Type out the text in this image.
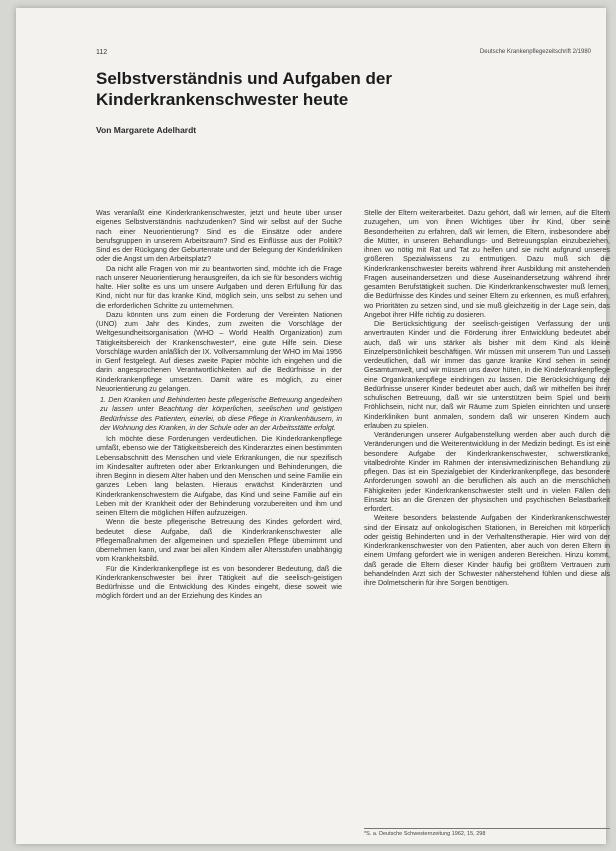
112	Deutsche Krankenpflegezeitschrift 2/1980
Selbstverständnis und Aufgaben der Kinderkrankenschwester heute
Von Margarete Adelhardt

Was veranlaßt eine Kinderkrankenschwester, jetzt und heute über unser eigenes Selbstverständnis nachzudenken? Sind wir selbst auf der Suche nach einer Neuorientierung? Sind es die Einsätze oder andere berufsgruppen in unserem Arbeitsraum? Sind es Einflüsse aus der Politik? Sind es der Rückgang der Geburtenrate und der Belegung der Kinderkliniken oder die Angst um den Arbeitsplatz?

Da nicht alle Fragen von mir zu beantworten sind, möchte ich die Frage nach unserer Neuorientierung herausgreifen, da ich sie für besonders wichtig halte. Hier sollte es uns um unsere Aufgaben und deren Erfüllung für das Kind, nicht nur für das kranke Kind, möglich sein, uns selbst zu sehen und die erforderlichen Schritte zu unternehmen.

Dazu könnten uns zum einen die Forderung der Vereinten Nationen (UNO) zum Jahr des Kindes, zum zweiten die Vorschläge der Weltgesundheitsorganisation (WHO – World Health Organization) zum Tätigkeitsbereich der Krankenschwester*, eine gute Hilfe sein. Diese Vorschläge wurden anläßlich der IX. Vollversammlung der WHO im Mai 1956 in Genf festgelegt. Auf dieses zweite Papier möchte ich eingehen und die darin angesprochenen Verantwortlichkeiten auf die Bedürfnisse in der Kinderkrankenpflege umsetzen. Damit wäre es möglich, zu einer Neuorientierung zu gelangen.

1. Den Kranken und Behinderten beste pflegerische Betreuung angedeihen zu lassen unter Beachtung der körperlichen, seelischen und geistigen Bedürfnisse des Patienten, einerlei, ob diese Pflege in Krankenhäusern, in der Wohnung des Kranken, in der Schule oder an der Arbeitsstätte erfolgt.

Ich möchte diese Forderungen verdeutlichen. Die Kinderkrankenpflege umfaßt, ebenso wie der Tätigkeitsbereich des Kinderarztes einen bestimmten Lebensabschnitt des Menschen und viele Erkrankungen, die nur spezifisch im Kindesalter auftreten oder aber Erkrankungen und Behinderungen, die ihren Beginn in diesem Alter haben und den Menschen und seine Familie ein ganzes Leben lang belasten. Hieraus erwächst Kinderärzten und Kinderkrankenschwestern die Aufgabe, das Kind und seine Familie auf ein Leben mit der Krankheit oder der Behinderung vorzubereiten und ihm und seinen Eltern die möglichen Hilfen aufzuzeigen.

Wenn die beste pflegerische Betreuung des Kindes gefordert wird, bedeutet diese Aufgabe, daß die Kinderkrankenschwester alle Pflegemaßnahmen der allgemeinen und speziellen Pflege übernimmt und übernehmen kann, und zwar bei allen Kindern aller Altersstufen unabhängig vom Krankheitsbild.

Für die Kinderkrankenpflege ist es von besonderer Bedeutung, daß die Kinderkrankenschwester bei ihrer Tätigkeit auf die seelisch-geistigen Bedürfnisse und die Entwicklung des Kindes eingeht, diese soweit wie möglich fördert und an der Erziehung des Kindes an

Stelle der Eltern weiterarbeitet. Dazu gehört, daß wir lernen, auf die Eltern zuzugehen, um von ihnen Wichtiges über ihr Kind, über seine Besonderheiten zu erfahren, daß wir lernen, die Eltern, insbesondere aber die Mütter, in unseren Behandlungs- und Betreuungsplan einzubeziehen, ihnen wo nötig mit Rat und Tat zu helfen und sie nicht aufgrund unseres größeren Spezialwissens zu entmutigen. Dazu muß sich die Kinderkrankenschwester bereits während ihrer Ausbildung mit anstehenden Fragen auseinandersetzen und diese Auseinandersetzung während ihrer gesamten Berufstätigkeit suchen. Die Kinderkrankenschwester muß lernen, die Bedürfnisse des Kindes und seiner Eltern zu erkennen, es muß erfahren, wo Prioritäten zu setzen sind, und sie muß gleichzeitig in der Lage sein, das Angebot ihrer Hilfe richtig zu dosieren.

Die Berücksichtigung der seelisch-geistigen Verfassung der uns anvertrauten Kinder und die Förderung ihrer Entwicklung bedeutet aber auch, daß wir uns stärker als bisher mit dem Kind als kleine Einzelpersönlichkeit beschäftigen. Wir müssen mit unserem Tun und Lassen verdeutlichen, daß wir immer das ganze kranke Kind sehen in seiner Gesamtumwelt, und wir müssen uns davor hüten, in die Kinderkrankenpflege eine Organkrankenpflege eindringen zu lassen. Die Berücksichtigung der Bedürfnisse unserer Kinder bedeutet aber auch, daß wir mithelfen bei ihrer schulischen Betreuung, daß wir sie unterstützen beim Spiel und beim Fröhlichsein, nicht nur, daß wir Räume zum Spielen einrichten und unsere Kinderkliniken bunt anmalen, sondern daß wir unseren Kindern auch erlauben zu spielen.

Veränderungen unserer Aufgabenstellung werden aber auch durch die Veränderungen und die Weiterentwicklung in der Medizin bedingt. Es ist eine besondere Aufgabe der Kinderkrankenschwester, schwerstkranke, vitalbedrohte Kinder im Rahmen der intensivmedizinischen Behandlung zu pflegen. Das ist ein Spezialgebiet der Kinderkrankenpflege, das besondere Anforderungen sowohl an die beruflichen als auch an die menschlichen Fähigkeiten jeder Kinderkrankenschwester stellt und in vielen Fällen den Einsatz bis an die Grenzen der physischen und psychischen Belastbarkeit erfordert.

Weitere besonders belastende Aufgaben der Kinderkrankenschwester sind der Einsatz auf onkologischen Stationen, in Bereichen mit körperlich oder geistig Behinderten und in der Verhaltenstherapie. Hier wird von der Kinderkrankenschwester von den Patienten, aber auch von deren Eltern in einem Umfang gefordert wie in wenigen anderen Bereichen. Hinzu kommt, daß gerade die Eltern dieser Kinder häufig bei größtem Vertrauen zum behandelnden Arzt sich der Schwester näherstehend fühlen und diese als ihre Dolmetscherin für ihre Sorgen benötigen.

*S. a. Deutsche Schwesternzeitung 1962, 15, 298
